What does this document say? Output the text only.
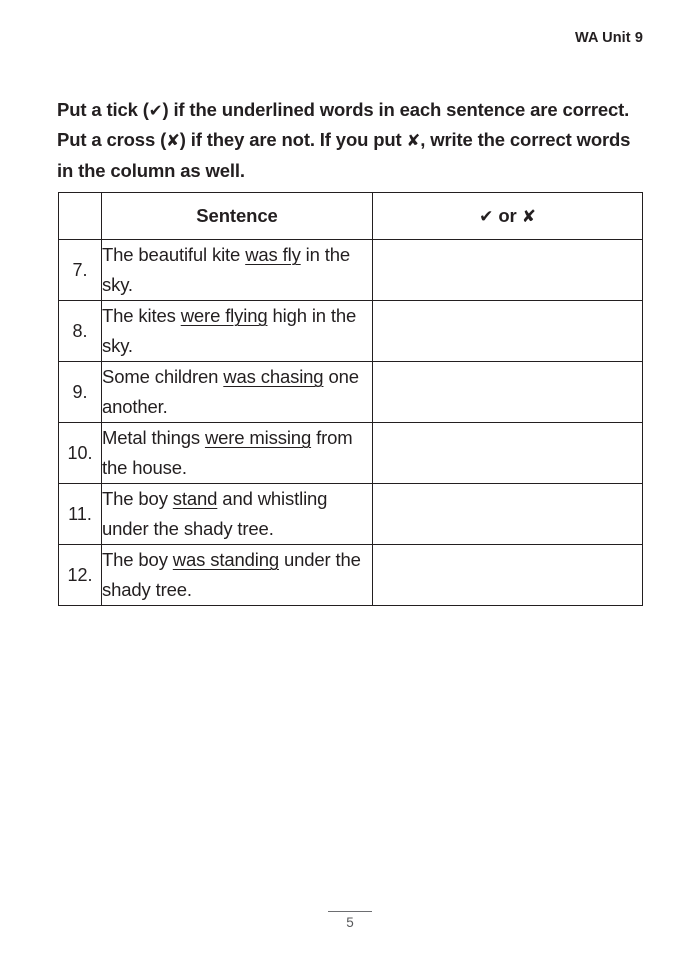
WA Unit 9

Put a tick (✔) if the underlined words in each sentence are correct. Put a cross (✘) if they are not. If you put ✘, write the correct words in the column as well.

	Sentence	✔ or ✘
7.	The beautiful kite was fly in the sky.	
8.	The kites were flying high in the sky.	
9.	Some children was chasing one another.	
10.	Metal things were missing from the house.	
11.	The boy stand and whistling under the shady tree.	
12.	The boy was standing under the shady tree.	
5
